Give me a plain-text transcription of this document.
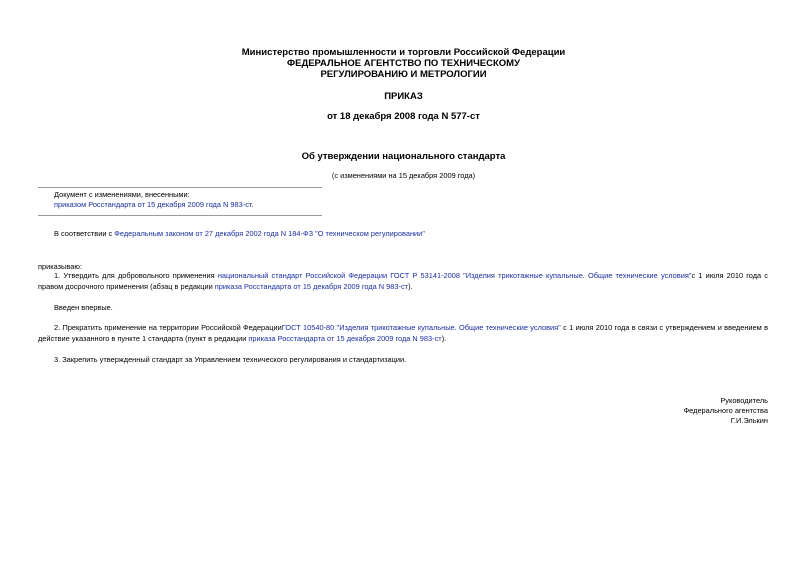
Министерство промышленности и торговли Российской Федерации
ФЕДЕРАЛЬНОЕ АГЕНТСТВО ПО ТЕХНИЧЕСКОМУ
РЕГУЛИРОВАНИЮ И МЕТРОЛОГИИ
ПРИКАЗ
от 18 декабря 2008 года N 577-ст
Об утверждении национального стандарта
(с изменениями на 15 декабря 2009 года)
Документ с изменениями, внесенными:
приказом Росстандарта от 15 декабря 2009 года N 983-ст.
В соответствии с Федеральным законом от 27 декабря 2002 года N 184-ФЗ "О техническом регулировании"
приказываю:
1. Утвердить для добровольного применения национальный стандарт Российской Федерации ГОСТ Р 53141-2008 "Изделия трикотажные купальные. Общие технические условия"с 1 июля 2010 года с правом досрочного применения (абзац в редакции приказа Росстандарта от 15 декабря 2009 года N 983-ст).
Введен впервые.
2. Прекратить применение на территории Российской ФедерацииГОСТ 10540-80 "Изделия трикотажные купальные. Общие технические условия" с 1 июля 2010 года в связи с утверждением и введением в действие указанного в пункте 1 стандарта (пункт в редакции приказа Росстандарта от 15 декабря 2009 года N 983-ст).
3. Закрепить утвержденный стандарт за Управлением технического регулирования и стандартизации.
Руководитель
Федерального агентства
Г.И.Элькин
